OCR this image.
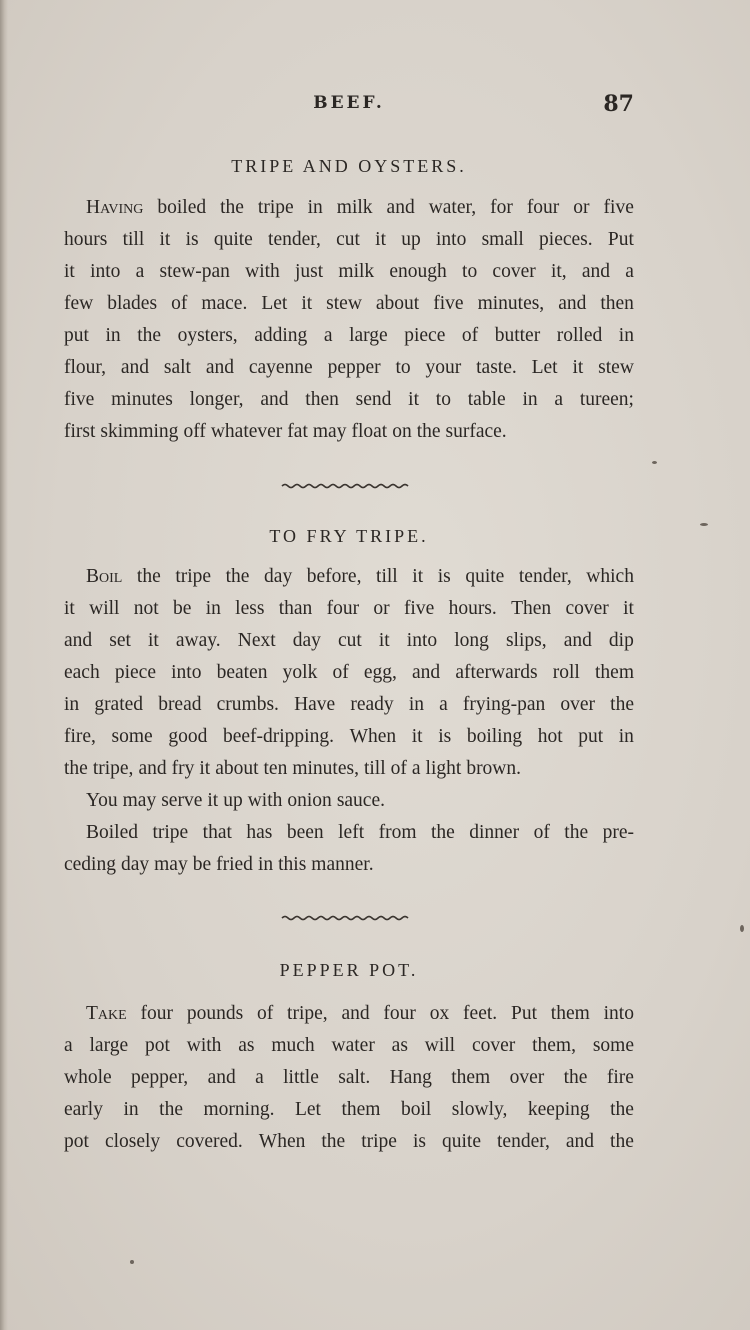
BEEF.	87
TRIPE AND OYSTERS.
Having boiled the tripe in milk and water, for four or five
hours till it is quite tender, cut it up into small pieces. Put
it into a stew-pan with just milk enough to cover it, and a
few blades of mace. Let it stew about five minutes, and then
put in the oysters, adding a large piece of butter rolled in
flour, and salt and cayenne pepper to your taste. Let it stew
five minutes longer, and then send it to table in a tureen;
first skimming off whatever fat may float on the surface.
TO FRY TRIPE.
Boil the tripe the day before, till it is quite tender, which
it will not be in less than four or five hours. Then cover it
and set it away. Next day cut it into long slips, and dip
each piece into beaten yolk of egg, and afterwards roll them
in grated bread crumbs. Have ready in a frying-pan over the
fire, some good beef-dripping. When it is boiling hot put in
the tripe, and fry it about ten minutes, till of a light brown.
You may serve it up with onion sauce.
Boiled tripe that has been left from the dinner of the pre-
ceding day may be fried in this manner.
PEPPER POT.
Take four pounds of tripe, and four ox feet. Put them into
a large pot with as much water as will cover them, some
whole pepper, and a little salt. Hang them over the fire
early in the morning. Let them boil slowly, keeping the
pot closely covered. When the tripe is quite tender, and the
